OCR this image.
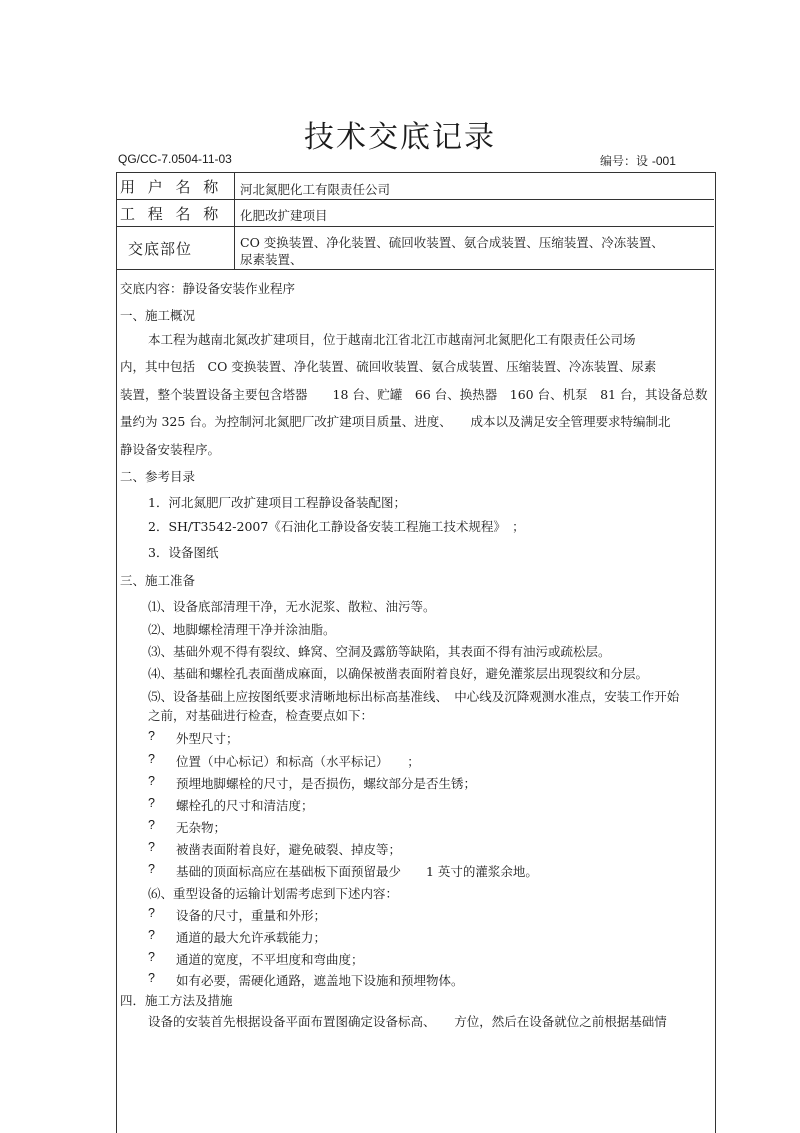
技术交底记录
QG/CC-7.0504-11-03	编号：设 -001
用 户 名 称 河北氮肥化工有限责任公司
工 程 名 称 化肥改扩建项目
交底部位	CO 变换装置、净化装置、硫回收装置、氨合成装置、压缩装置、冷冻装置、
尿素装置、
交底内容：静设备安装作业程序
一、施工概况
本工程为越南北氮改扩建项目，位于越南北江省北江市越南河北氮肥化工有限责任公司场
内，其中包括　CO 变换装置、净化装置、硫回收装置、氨合成装置、压缩装置、冷冻装置、尿素
装置，整个装置设备主要包含塔器　　18 台、贮罐　66 台、换热器　160 台、机泵　81 台，其设备总数
量约为 325 台。为控制河北氮肥厂改扩建项目质量、进度、　　成本以及满足安全管理要求特编制北
静设备安装程序。
二、参考目录
1．河北氮肥厂改扩建项目工程静设备装配图；
2．SH/T3542-2007《石油化工静设备安装工程施工技术规程》　；
3．设备图纸
三、施工准备
⑴、设备底部清理干净，无水泥浆、散粒、油污等。
⑵、地脚螺栓清理干净并涂油脂。
⑶、基础外观不得有裂纹、蜂窝、空洞及露筋等缺陷，其表面不得有油污或疏松层。
⑷、基础和螺栓孔表面凿成麻面，以确保被凿表面附着良好，避免灌浆层出现裂纹和分层。
⑸、设备基础上应按图纸要求清晰地标出标高基准线、　中心线及沉降观测水准点，安装工作开始
之前，对基础进行检查，检查要点如下：
? 外型尺寸；
? 位置（中心标记）和标高（水平标记）　　；
? 预埋地脚螺栓的尺寸，是否损伤，螺纹部分是否生锈；
? 螺栓孔的尺寸和清洁度；
? 无杂物；
? 被凿表面附着良好，避免破裂、掉皮等；
? 基础的顶面标高应在基础板下面预留最少　　1 英寸的灌浆余地。
⑹、重型设备的运输计划需考虑到下述内容：
? 设备的尺寸，重量和外形；
? 通道的最大允许承载能力；
? 通道的宽度，不平坦度和弯曲度；
? 如有必要，需硬化通路，遮盖地下设施和预埋物体。
四．施工方法及措施
设备的安装首先根据设备平面布置图确定设备标高、　　方位，然后在设备就位之前根据基础情
